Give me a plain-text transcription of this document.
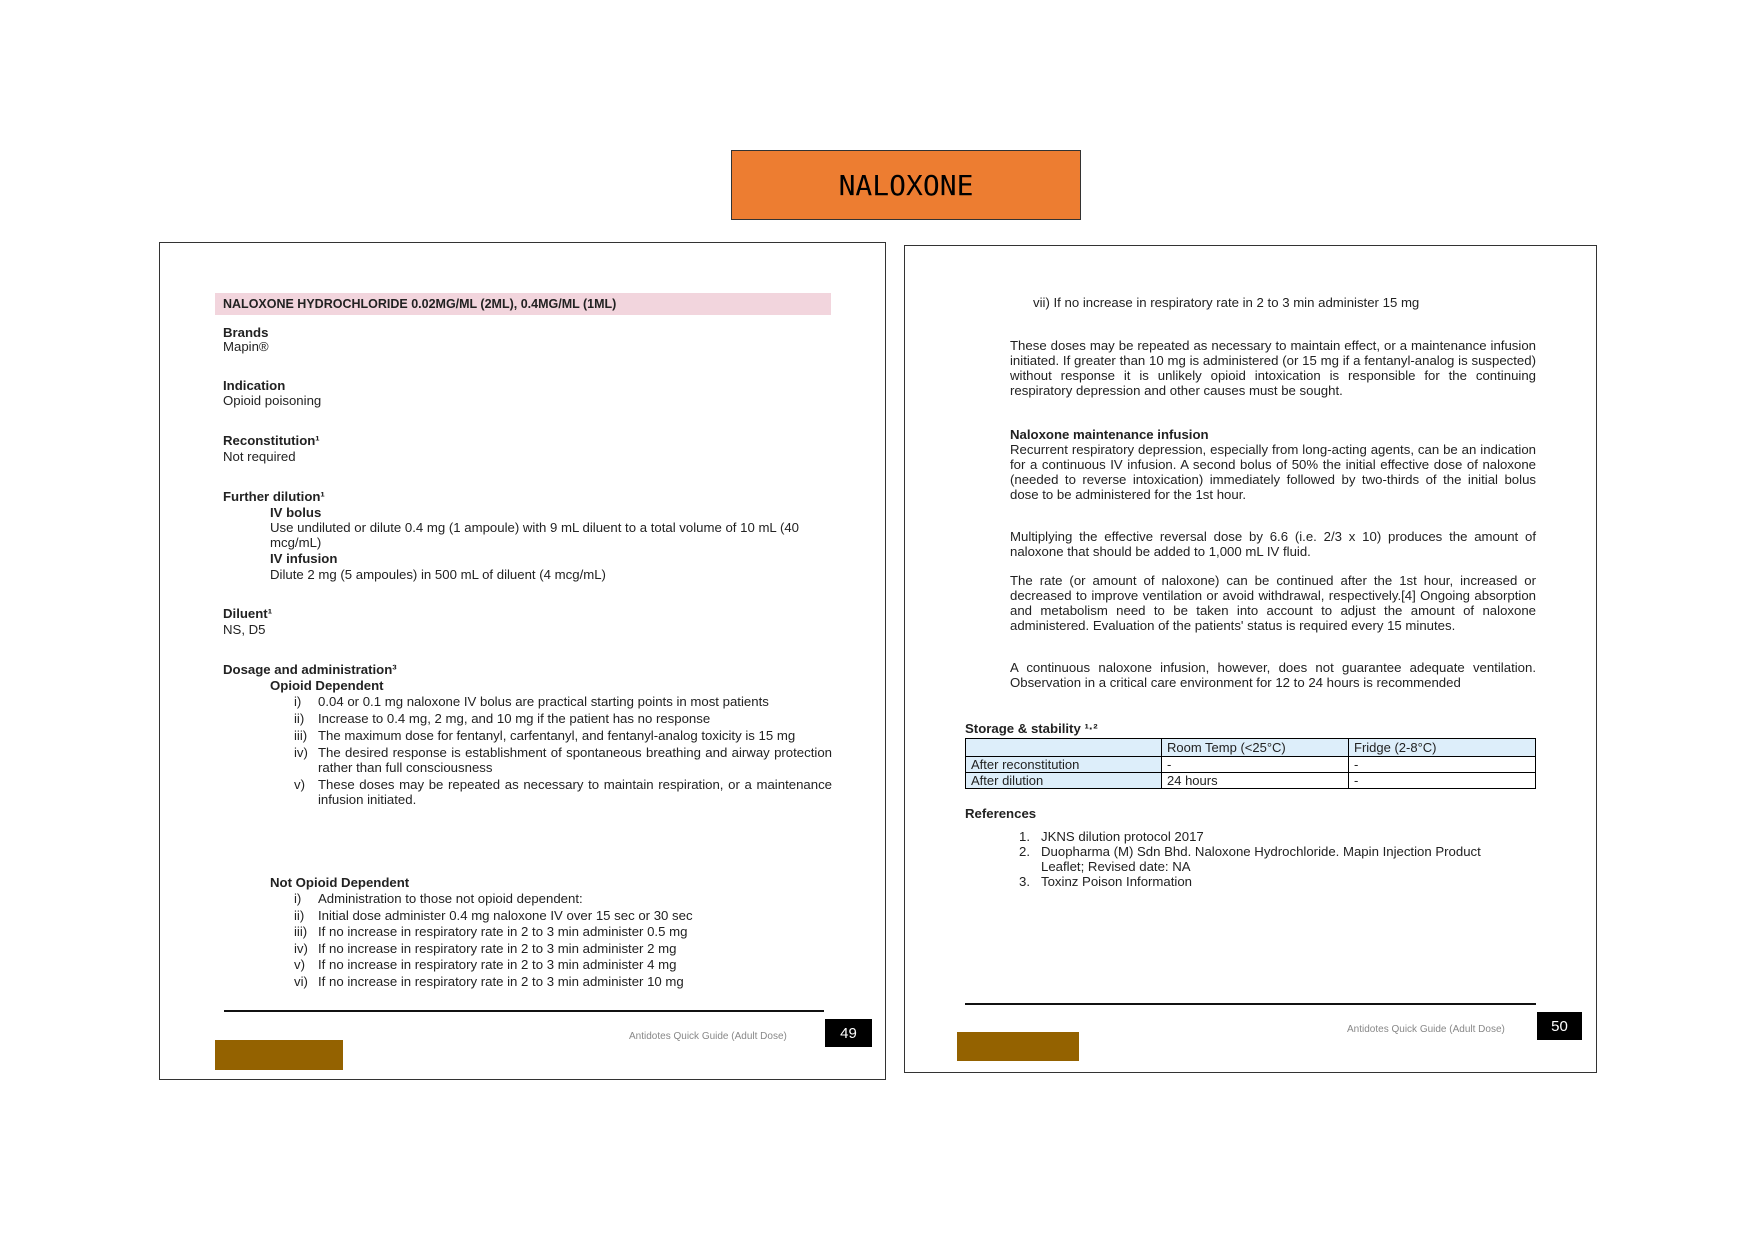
NALOXONE
NALOXONE HYDROCHLORIDE 0.02MG/ML (2ML), 0.4MG/ML (1ML)
Brands
Mapin®
Indication
Opioid poisoning
Reconstitution¹
Not required
Further dilution¹
IV bolus
Use undiluted or dilute 0.4 mg (1 ampoule) with 9 mL diluent to a total volume of 10 mL (40 mcg/mL)
IV infusion
Dilute 2 mg (5 ampoules) in 500 mL of diluent (4 mcg/mL)
Diluent¹
NS, D5
Dosage and administration³
Opioid Dependent
i) 0.04 or 0.1 mg naloxone IV bolus are practical starting points in most patients
ii) Increase to 0.4 mg, 2 mg, and 10 mg if the patient has no response
iii) The maximum dose for fentanyl, carfentanyl, and fentanyl-analog toxicity is 15 mg
iv) The desired response is establishment of spontaneous breathing and airway protection rather than full consciousness
v) These doses may be repeated as necessary to maintain respiration, or a maintenance infusion initiated.
Not Opioid Dependent
i) Administration to those not opioid dependent:
ii) Initial dose administer 0.4 mg naloxone IV over 15 sec or 30 sec
iii) If no increase in respiratory rate in 2 to 3 min administer 0.5 mg
iv) If no increase in respiratory rate in 2 to 3 min administer 2 mg
v) If no increase in respiratory rate in 2 to 3 min administer 4 mg
vi) If no increase in respiratory rate in 2 to 3 min administer 10 mg
Antidotes Quick Guide (Adult Dose)	49
vii) If no increase in respiratory rate in 2 to 3 min administer 15 mg
These doses may be repeated as necessary to maintain effect, or a maintenance infusion initiated. If greater than 10 mg is administered (or 15 mg if a fentanyl-analog is suspected) without response it is unlikely opioid intoxication is responsible for the continuing respiratory depression and other causes must be sought.
Naloxone maintenance infusion
Recurrent respiratory depression, especially from long-acting agents, can be an indication for a continuous IV infusion. A second bolus of 50% the initial effective dose of naloxone (needed to reverse intoxication) immediately followed by two-thirds of the initial bolus dose to be administered for the 1st hour.
Multiplying the effective reversal dose by 6.6 (i.e. 2/3 x 10) produces the amount of naloxone that should be added to 1,000 mL IV fluid.
The rate (or amount of naloxone) can be continued after the 1st hour, increased or decreased to improve ventilation or avoid withdrawal, respectively.[4] Ongoing absorption and metabolism need to be taken into account to adjust the amount of naloxone administered. Evaluation of the patients' status is required every 15 minutes.
A continuous naloxone infusion, however, does not guarantee adequate ventilation. Observation in a critical care environment for 12 to 24 hours is recommended
Storage & stability ¹·²
	Room Temp (<25°C)	Fridge (2-8°C)
After reconstitution	-	-
After dilution	24 hours	-
References
1. JKNS dilution protocol 2017
2. Duopharma (M) Sdn Bhd. Naloxone Hydrochloride. Mapin Injection Product Leaflet; Revised date: NA
3. Toxinz Poison Information
Antidotes Quick Guide (Adult Dose)	50
